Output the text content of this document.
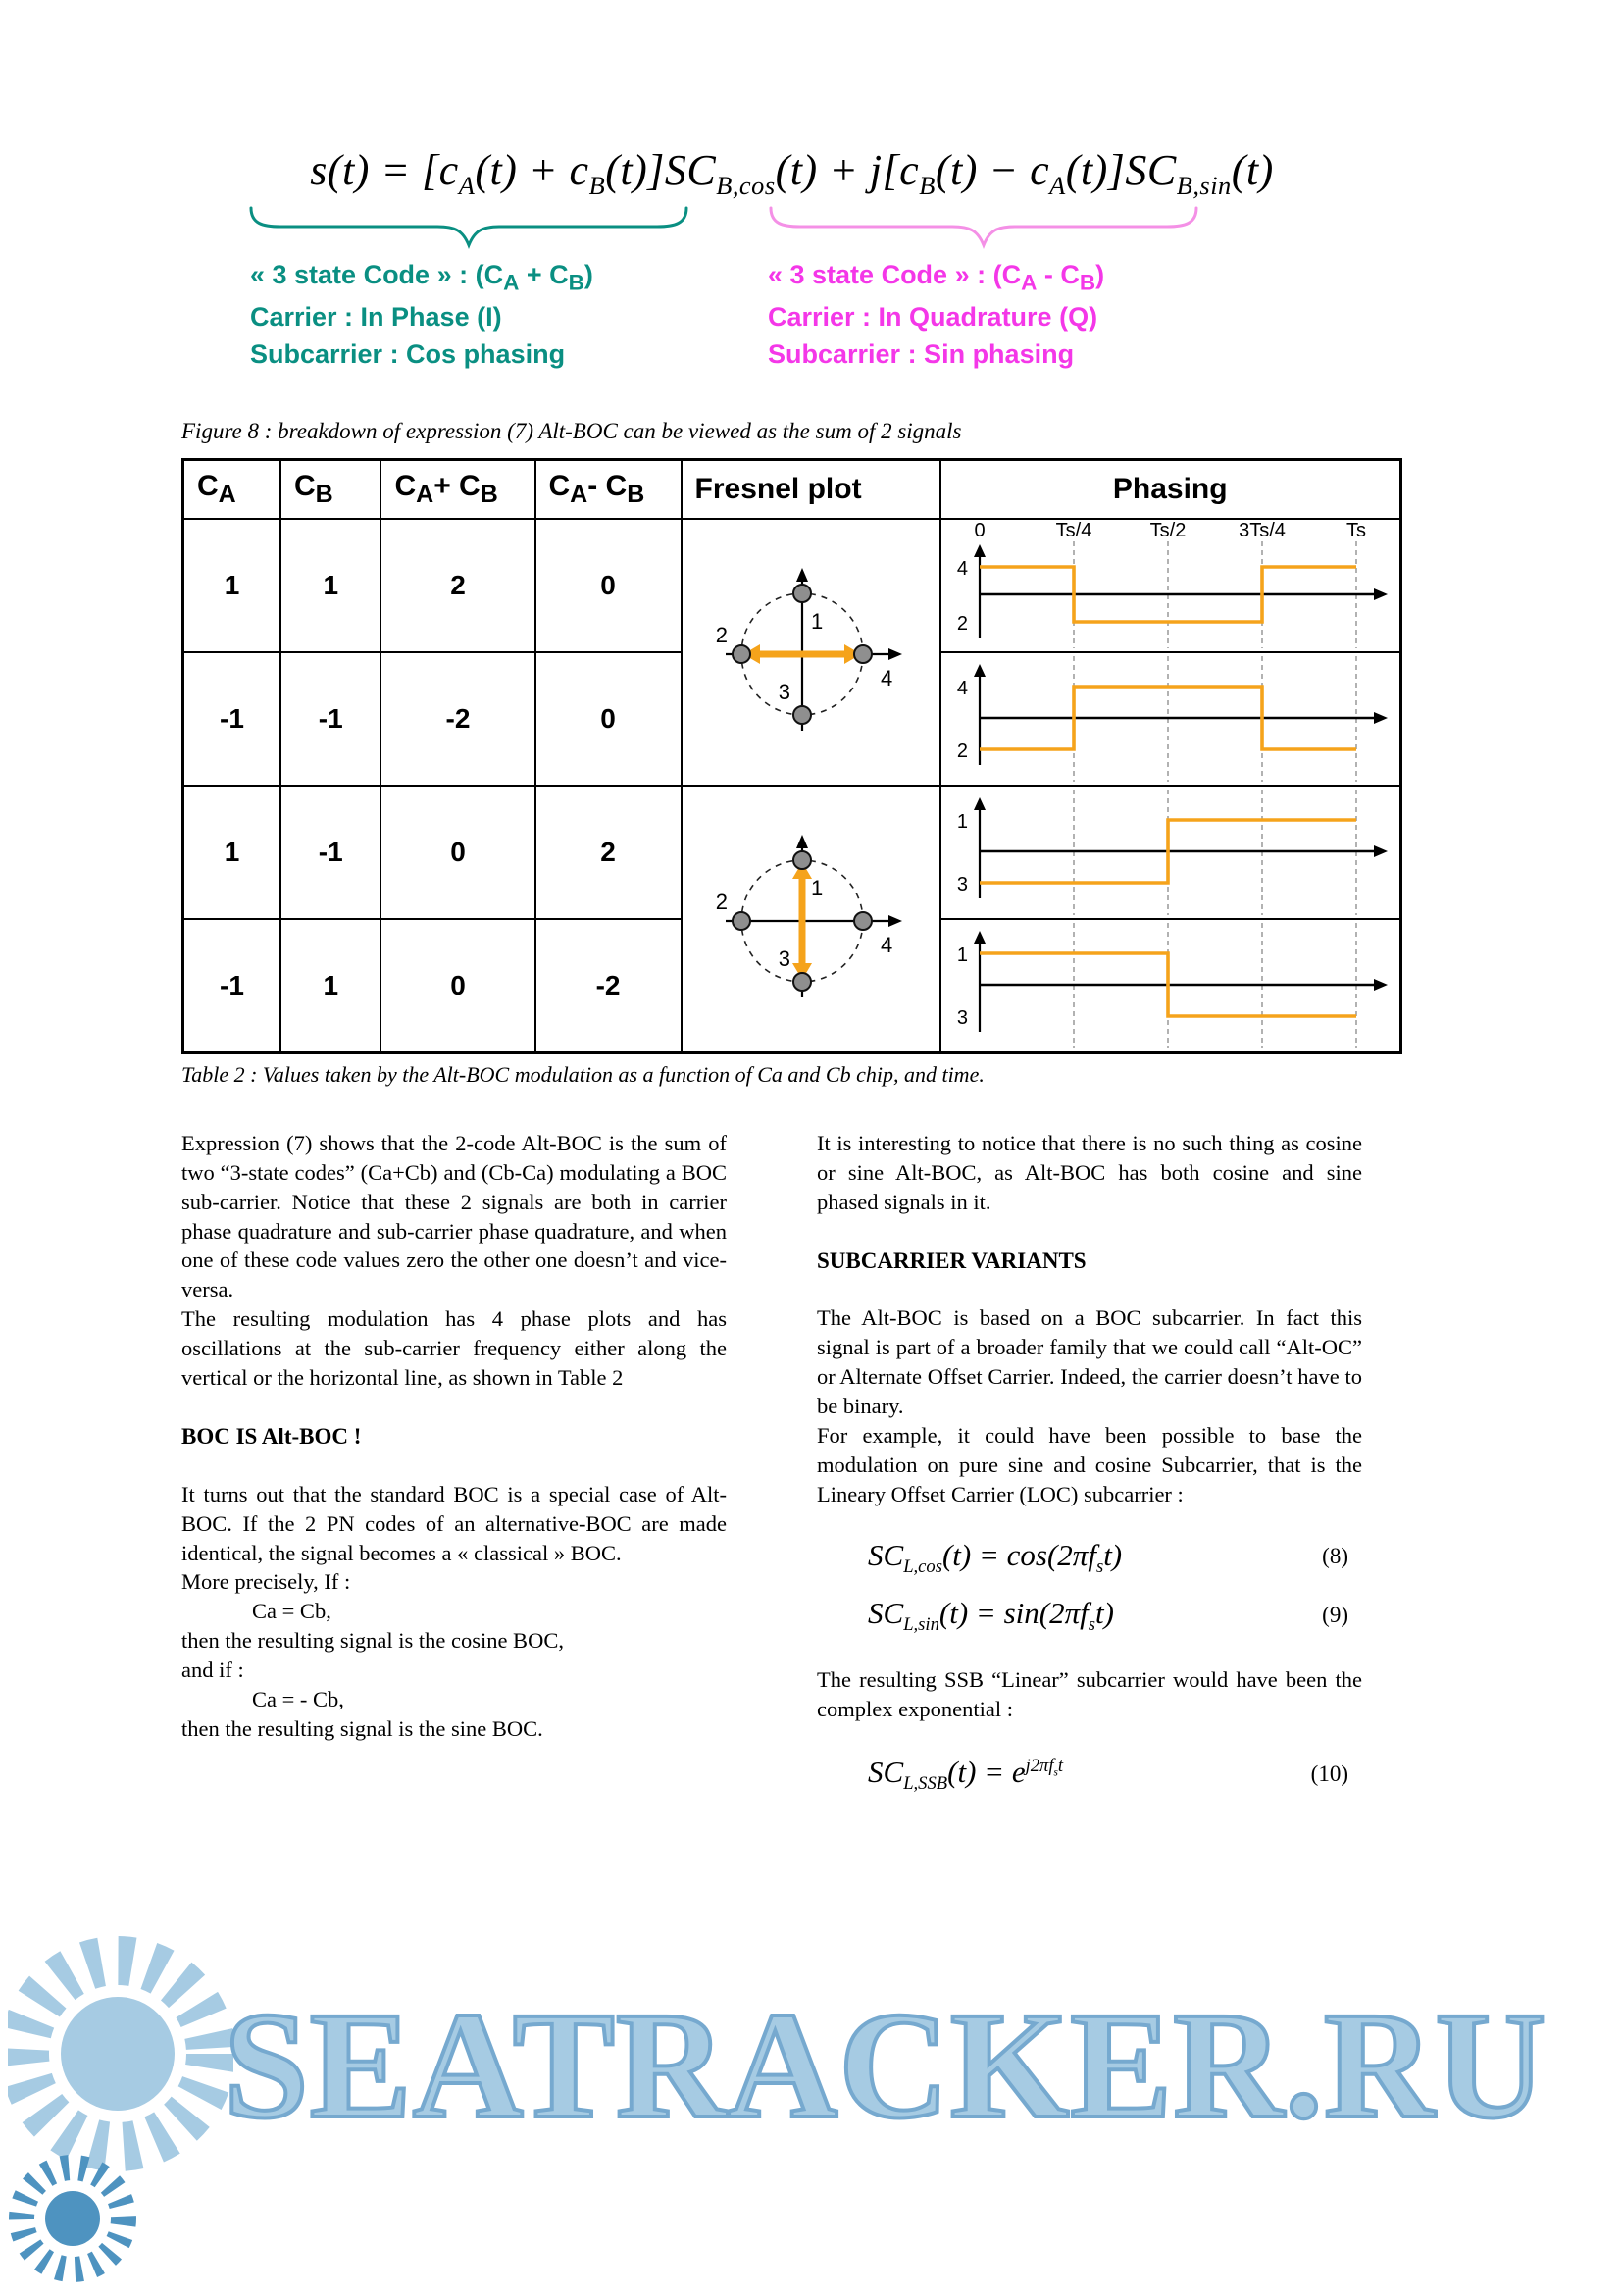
$s(t) = [c_A(t) + c_B(t)]SC_{B,cos}(t) + j[c_B(t) - c_A(t)]SC_{B,sin}(t)$
« 3 state Code » : $(C_A + C_B)$
Carrier : In Phase (I)
Subcarrier : Cos phasing
« 3 state Code » : $(C_A - C_B)$
Carrier : In Quadrature (Q)
Subcarrier : Sin phasing

Figure 8 : breakdown of expression (7) Alt-BOC can be viewed as the sum of 2 signals

$C_A$	$C_B$	$C_A+ C_B$	$C_A-$ $C_B$	Fresnel plot	Phasing
1	1	2	0	
1
2
3
4

0	Ts/4	Ts/2	3Ts/4	Ts
4
2

-1	-1	-2	0		4
2

1	-1	0	2	1
2
3
4	1
3

-1	1	0	-2		1
3

Table 2 : Values taken by the Alt-BOC modulation as a function of Ca and Cb chip, and time.

Expression (7) shows that the 2-code Alt-BOC is the sum of two “3-state codes” (Ca+Cb) and (Cb-Ca) modulating a BOC sub-carrier. Notice that these 2 signals are both in carrier phase quadrature and sub-carrier phase quadrature, and when one of these code values zero the other one doesn’t and vice-versa.

The resulting modulation has 4 phase plots and has oscillations at the sub-carrier frequency either along the vertical or the horizontal line, as shown in Table 2

BOC IS Alt-BOC !

It turns out that the standard BOC is a special case of Alt-BOC. If the 2 PN codes of an alternative-BOC are made identical, the signal becomes a « classical » BOC.

More precisely, If :
Ca = Cb,
then the resulting signal is the cosine BOC,
and if :
Ca = - Cb,
then the resulting signal is the sine BOC.

It is interesting to notice that there is no such thing as cosine or sine Alt-BOC, as Alt-BOC has both cosine and sine phased signals in it.

SUBCARRIER VARIANTS

The Alt-BOC is based on a BOC subcarrier. In fact this signal is part of a broader family that we could call “Alt-OC” or Alternate Offset Carrier. Indeed, the carrier doesn’t have to be binary.

For example, it could have been possible to base the modulation on pure sine and cosine Subcarrier, that is the Lineary Offset Carrier (LOC) subcarrier :

$SC_{L,cos}(t) = \cos(2\pi f_st)$	(8)
$SC_{L,sin}(t) = \sin(2\pi f_st)$	(9)

The resulting SSB “Linear” subcarrier would have been the complex exponential :

$SC_{L,SSB}(t) = e^{j2\pi f_st}$	(10)
SEATRACKER.RU
